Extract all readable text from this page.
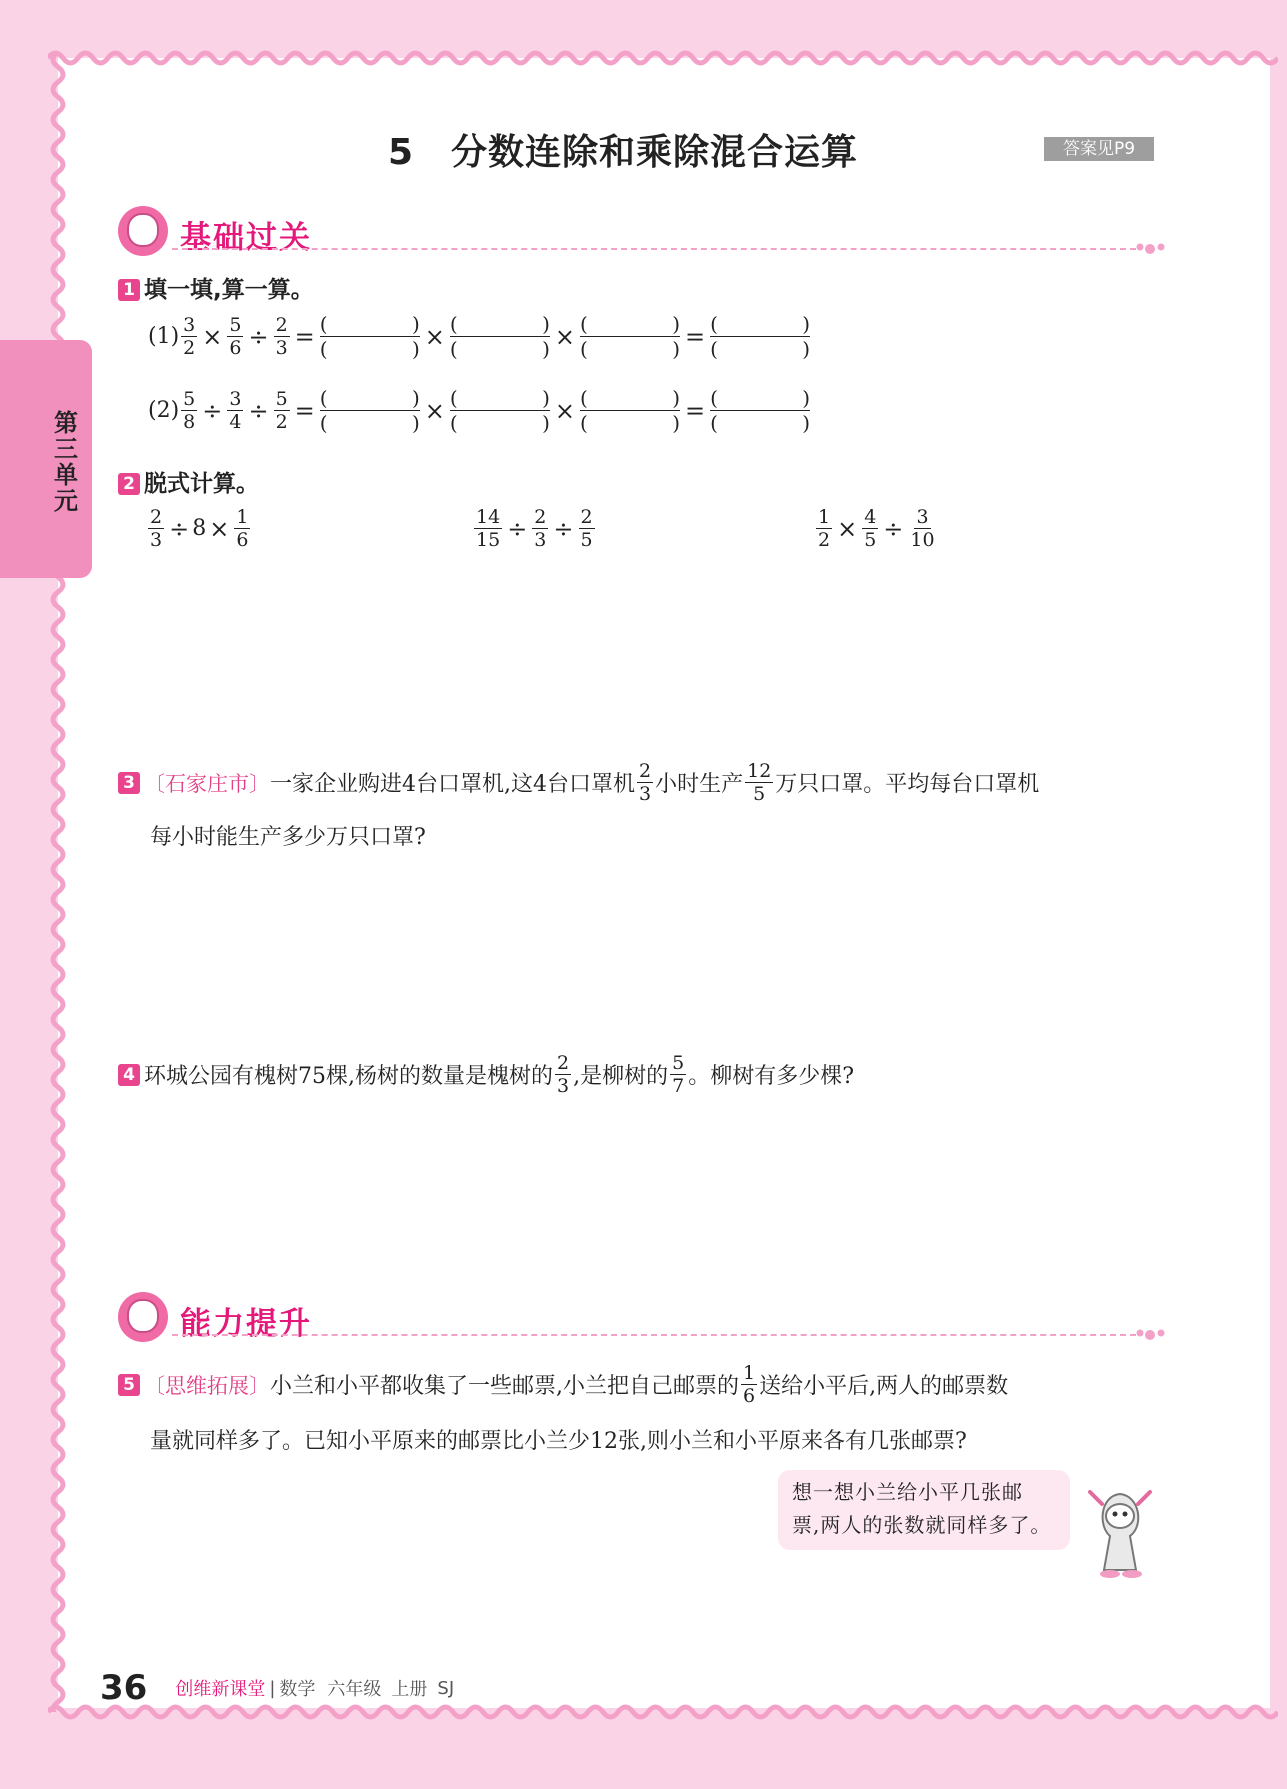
第三单元
5　分数连除和乘除混合运算	答案见P9
基础过关
1 填一填,算一算。
$(1) \frac{3}{2} \times \frac{5}{6} \div \frac{2}{3}$ = (	)
(	) × (	)
(	) × (	)
(	) = (	)
(	)
$(2) \frac{5}{8} \div \frac{3}{4} \div \frac{5}{2}$ = (	)
(	) × (	)
(	) × (	)
(	) = (	)
(	)
2 脱式计算。
$\frac{2}{3} \div 8 \times \frac{1}{6}$	$\frac{14}{15} \div \frac{2}{3} \div \frac{2}{5}$	$\frac{1}{2} \times \frac{4}{5} \div \frac{3}{10}$
3 〔石家庄市〕 一家企业购进4台口罩机,这4台口罩机 $\frac{2}{3}$ 小时生产 $\frac{12}{5}$ 万只口罩。平均每台口罩机
每小时能生产多少万只口罩?
4 环城公园有槐树75棵,杨树的数量是槐树的 $\frac{2}{3}$ ,是柳树的 $\frac{5}{7}$ 。柳树有多少棵?
能力提升
5 〔思维拓展〕 小兰和小平都收集了一些邮票,小兰把自己邮票的 $\frac{1}{6}$ 送给小平后,两人的邮票数
量就同样多了。已知小平原来的邮票比小兰少12张,则小兰和小平原来各有几张邮票?
想一想小兰给小平几张邮
票,两人的张数就同样多了。
36 创维新课堂 | 数学 六年级 上册 SJ
